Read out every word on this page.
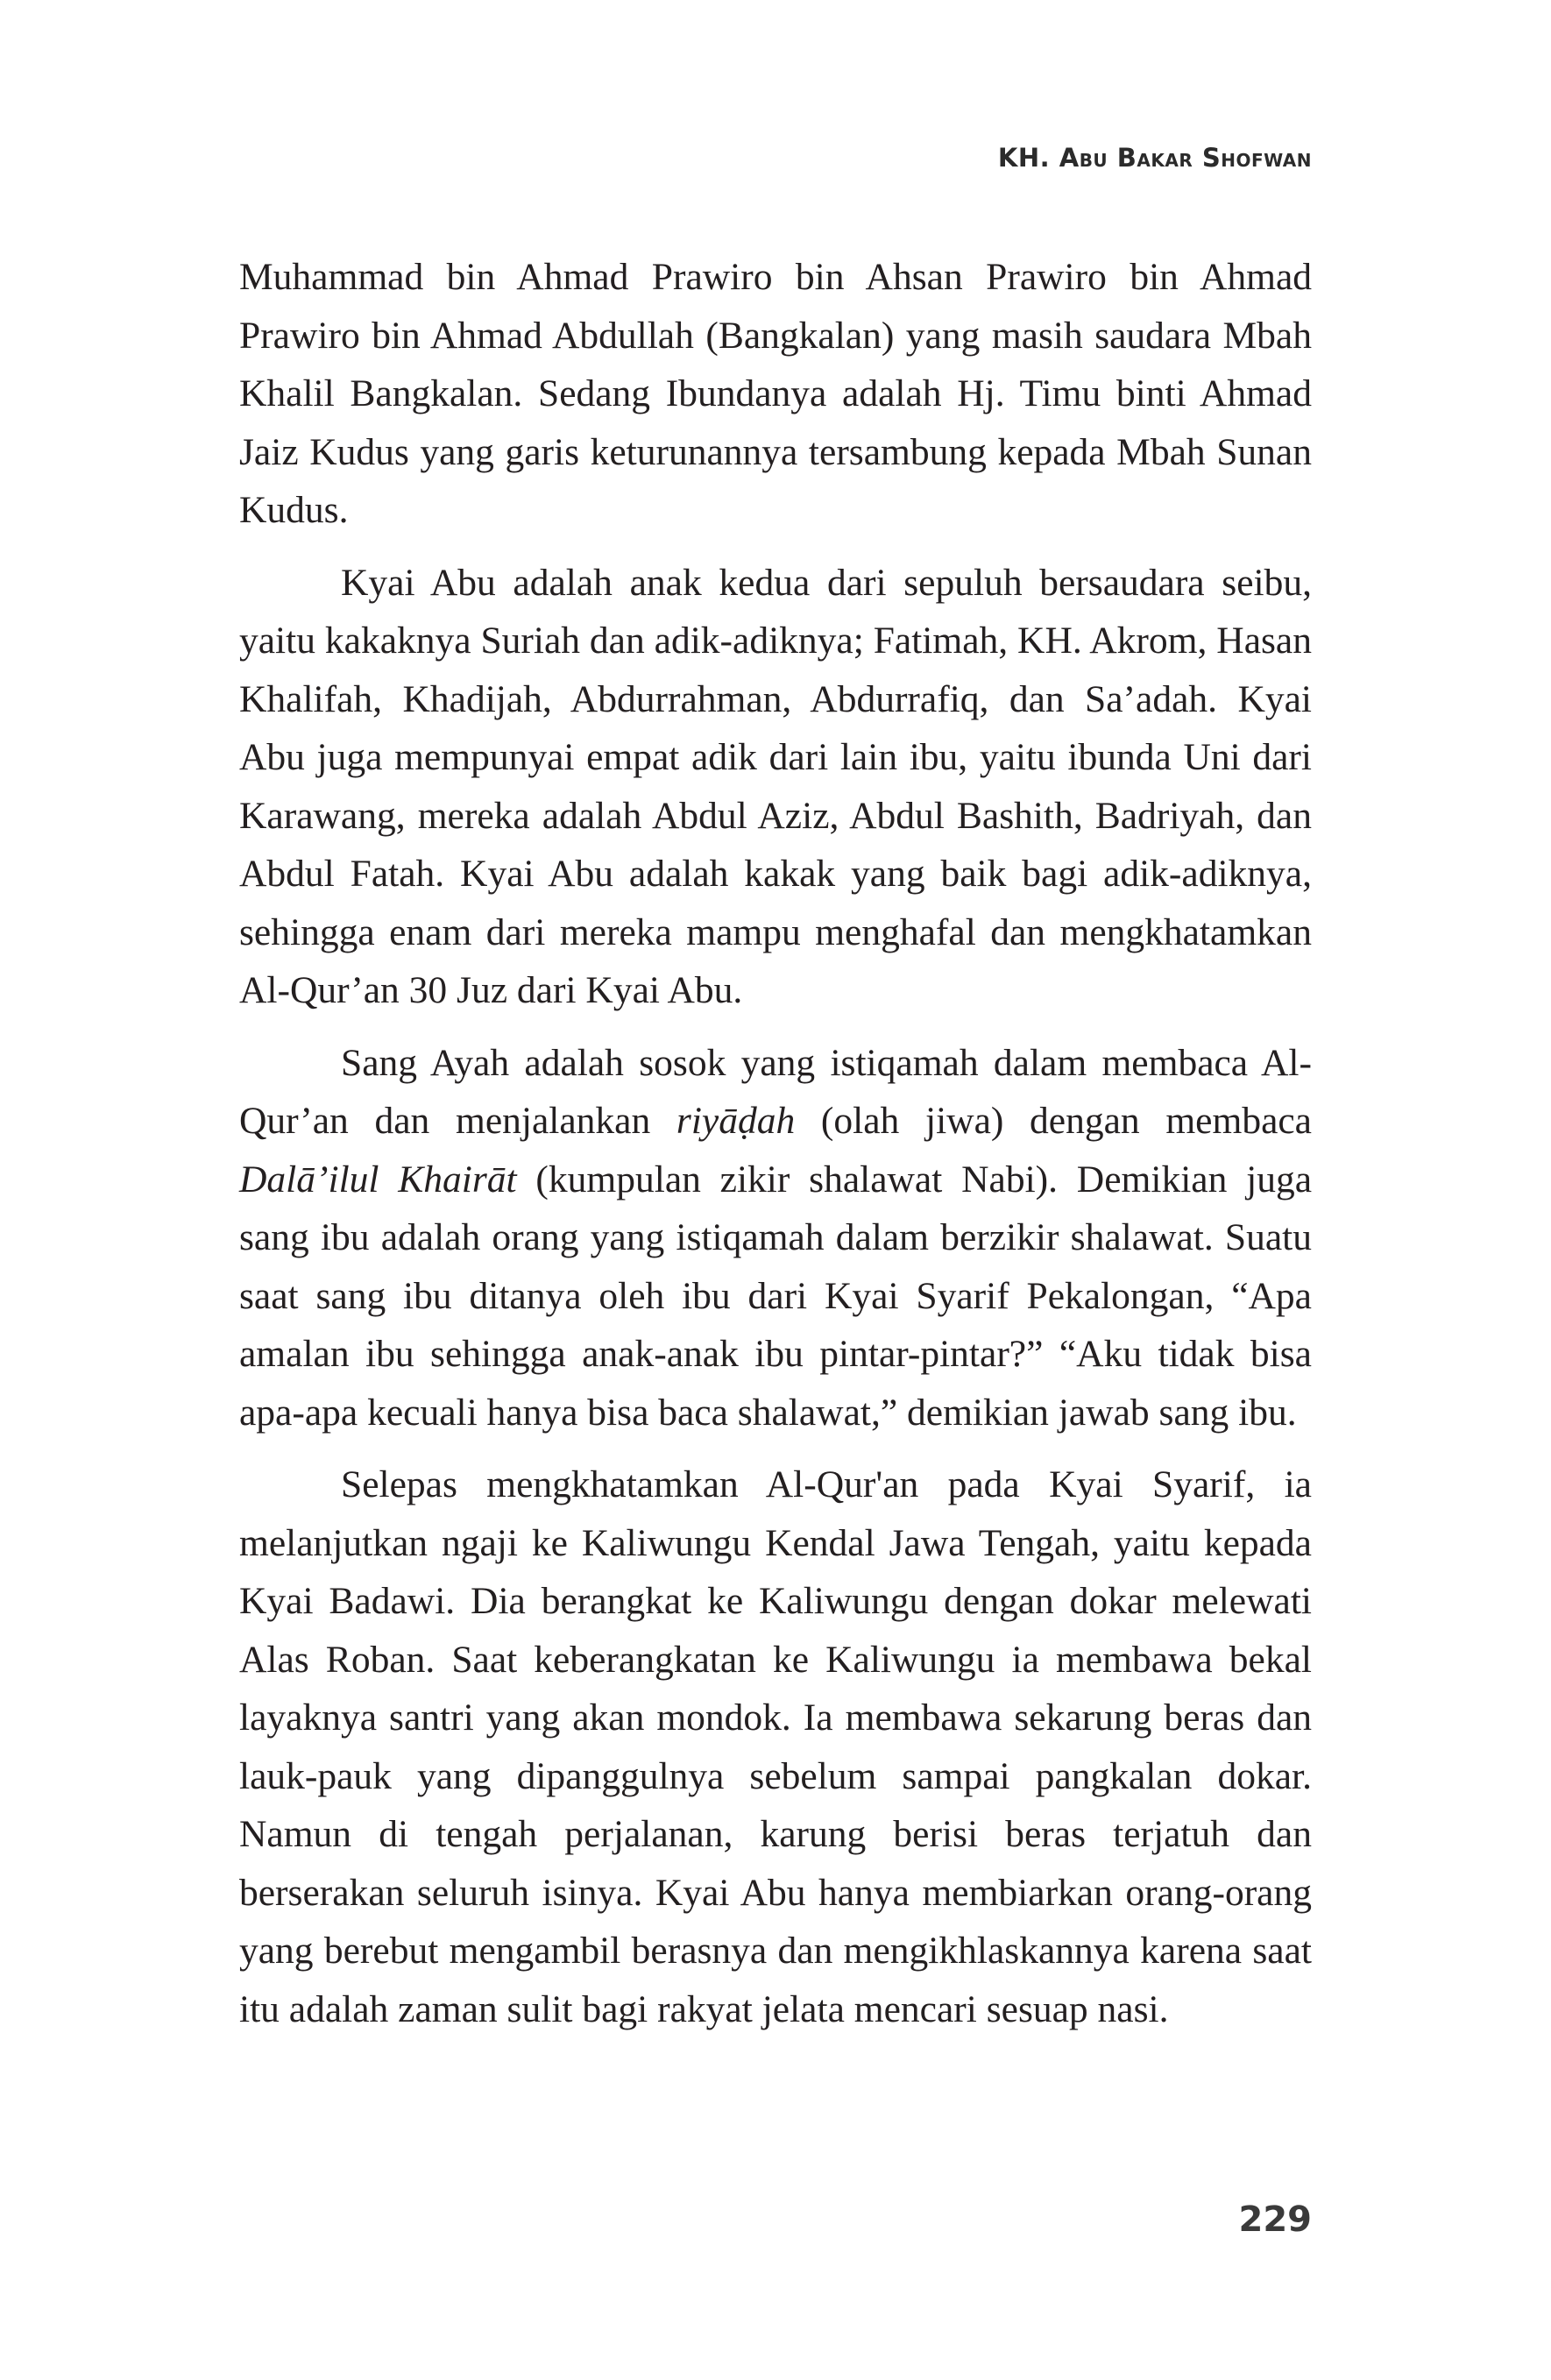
KH. Abu Bakar Shofwan

Muhammad bin Ahmad Prawiro bin Ahsan Prawiro bin Ahmad Prawiro bin Ahmad Abdullah (Bangkalan) yang masih saudara Mbah Khalil Bangkalan. Sedang Ibundanya adalah Hj. Timu binti Ahmad Jaiz Kudus yang garis keturunannya tersambung kepada Mbah Sunan Kudus.

Kyai Abu adalah anak kedua dari sepuluh bersaudara seibu, yaitu kakaknya Suriah dan adik-adiknya; Fatimah, KH. Akrom, Hasan Khalifah, Khadijah, Abdurrahman, Abdurrafiq, dan Sa’adah. Kyai Abu juga mempunyai empat adik dari lain ibu, yaitu ibunda Uni dari Karawang, mereka adalah Abdul Aziz, Abdul Bashith, Badriyah, dan Abdul Fatah. Kyai Abu adalah kakak yang baik bagi adik-adiknya, sehingga enam dari mereka mampu menghafal dan mengkhatamkan Al-Qur’an 30 Juz dari Kyai Abu.

Sang Ayah adalah sosok yang istiqamah dalam membaca Al-Qur’an dan menjalankan riyāḍah (olah jiwa) dengan membaca Dalā’ilul Khairāt (kumpulan zikir shalawat Nabi). Demikian juga sang ibu adalah orang yang istiqamah dalam berzikir shalawat. Suatu saat sang ibu ditanya oleh ibu dari Kyai Syarif Pekalongan, “Apa amalan ibu sehingga anak-anak ibu pintar-pintar?” “Aku tidak bisa apa-apa kecuali hanya bisa baca shalawat,” demikian jawab sang ibu.

Selepas mengkhatamkan Al-Qur'an pada Kyai Syarif, ia melanjutkan ngaji ke Kaliwungu Kendal Jawa Tengah, yaitu kepada Kyai Badawi. Dia berangkat ke Kaliwungu dengan dokar melewati Alas Roban. Saat keberangkatan ke Kaliwungu ia membawa bekal layaknya santri yang akan mondok. Ia membawa sekarung beras dan lauk-pauk yang dipanggulnya sebelum sampai pangkalan dokar. Namun di tengah perjalanan, karung berisi beras terjatuh dan berserakan seluruh isinya. Kyai Abu hanya membiarkan orang-orang yang berebut mengambil berasnya dan mengikhlaskannya karena saat itu adalah zaman sulit bagi rakyat jelata mencari sesuap nasi.

229
